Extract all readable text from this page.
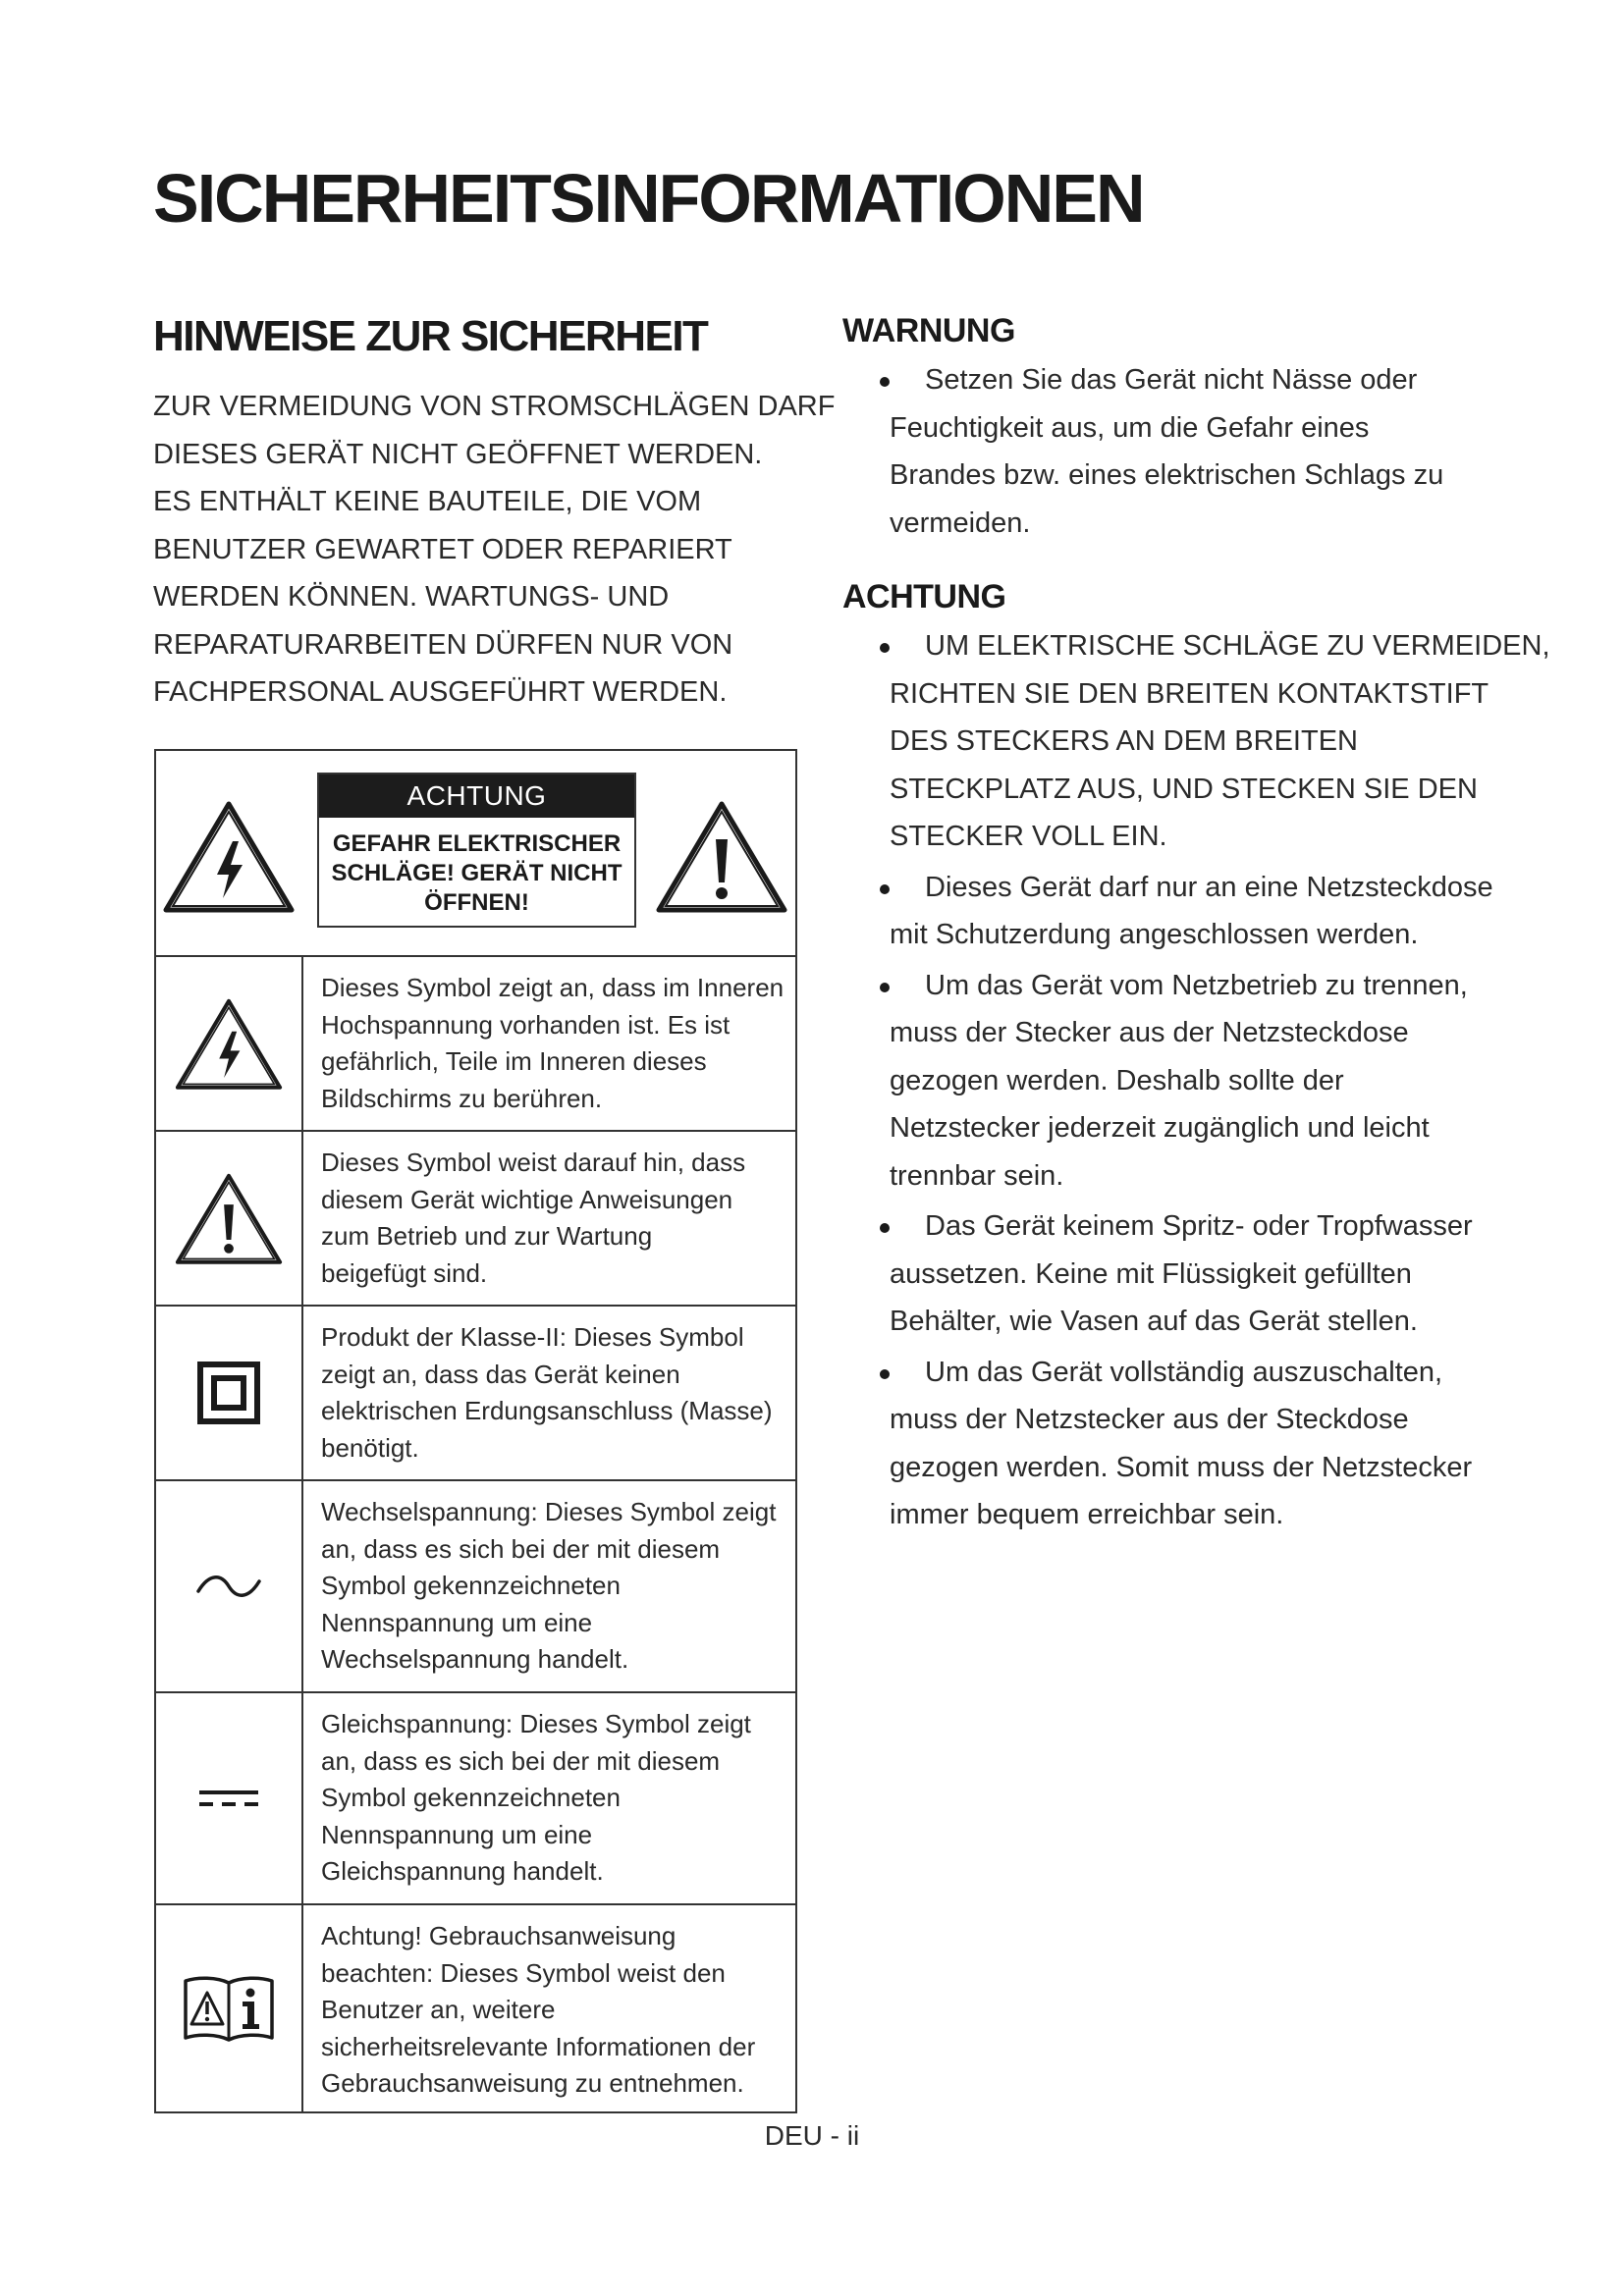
SICHERHEITSINFORMATIONEN
HINWEISE ZUR SICHERHEIT

ZUR VERMEIDUNG VON STROMSCHLÄGEN DARF
DIESES GERÄT NICHT GEÖFFNET WERDEN.
ES ENTHÄLT KEINE BAUTEILE, DIE VOM
BENUTZER GEWARTET ODER REPARIERT
WERDEN KÖNNEN. WARTUNGS- UND
REPARATURARBEITEN DÜRFEN NUR VON
FACHPERSONAL AUSGEFÜHRT WERDEN.

ACHTUNG
GEFAHR ELEKTRISCHER
SCHLÄGE! GERÄT NICHT
ÖFFNEN!
Dieses Symbol zeigt an, dass im Inneren
Hochspannung vorhanden ist. Es ist
gefährlich, Teile im Inneren dieses
Bildschirms zu berühren.
Dieses Symbol weist darauf hin, dass
diesem Gerät wichtige Anweisungen
zum Betrieb und zur Wartung
beigefügt sind.
Produkt der Klasse-II: Dieses Symbol
zeigt an, dass das Gerät keinen
elektrischen Erdungsanschluss (Masse)
benötigt.
Wechselspannung: Dieses Symbol zeigt
an, dass es sich bei der mit diesem
Symbol gekennzeichneten
Nennspannung um eine
Wechselspannung handelt.
Gleichspannung: Dieses Symbol zeigt
an, dass es sich bei der mit diesem
Symbol gekennzeichneten
Nennspannung um eine
Gleichspannung handelt.
Achtung! Gebrauchsanweisung
beachten: Dieses Symbol weist den
Benutzer an, weitere
sicherheitsrelevante Informationen der
Gebrauchsanweisung zu entnehmen.
WARNUNG
Setzen Sie das Gerät nicht Nässe oder
Feuchtigkeit aus, um die Gefahr eines
Brandes bzw. eines elektrischen Schlags zu
vermeiden.
ACHTUNG
UM ELEKTRISCHE SCHLÄGE ZU VERMEIDEN,
RICHTEN SIE DEN BREITEN KONTAKTSTIFT
DES STECKERS AN DEM BREITEN
STECKPLATZ AUS, UND STECKEN SIE DEN
STECKER VOLL EIN.
Dieses Gerät darf nur an eine Netzsteckdose
mit Schutzerdung angeschlossen werden.
Um das Gerät vom Netzbetrieb zu trennen,
muss der Stecker aus der Netzsteckdose
gezogen werden. Deshalb sollte der
Netzstecker jederzeit zugänglich und leicht
trennbar sein.
Das Gerät keinem Spritz- oder Tropfwasser
aussetzen. Keine mit Flüssigkeit gefüllten
Behälter, wie Vasen auf das Gerät stellen.
Um das Gerät vollständig auszuschalten,
muss der Netzstecker aus der Steckdose
gezogen werden. Somit muss der Netzstecker
immer bequem erreichbar sein.

DEU - ii
